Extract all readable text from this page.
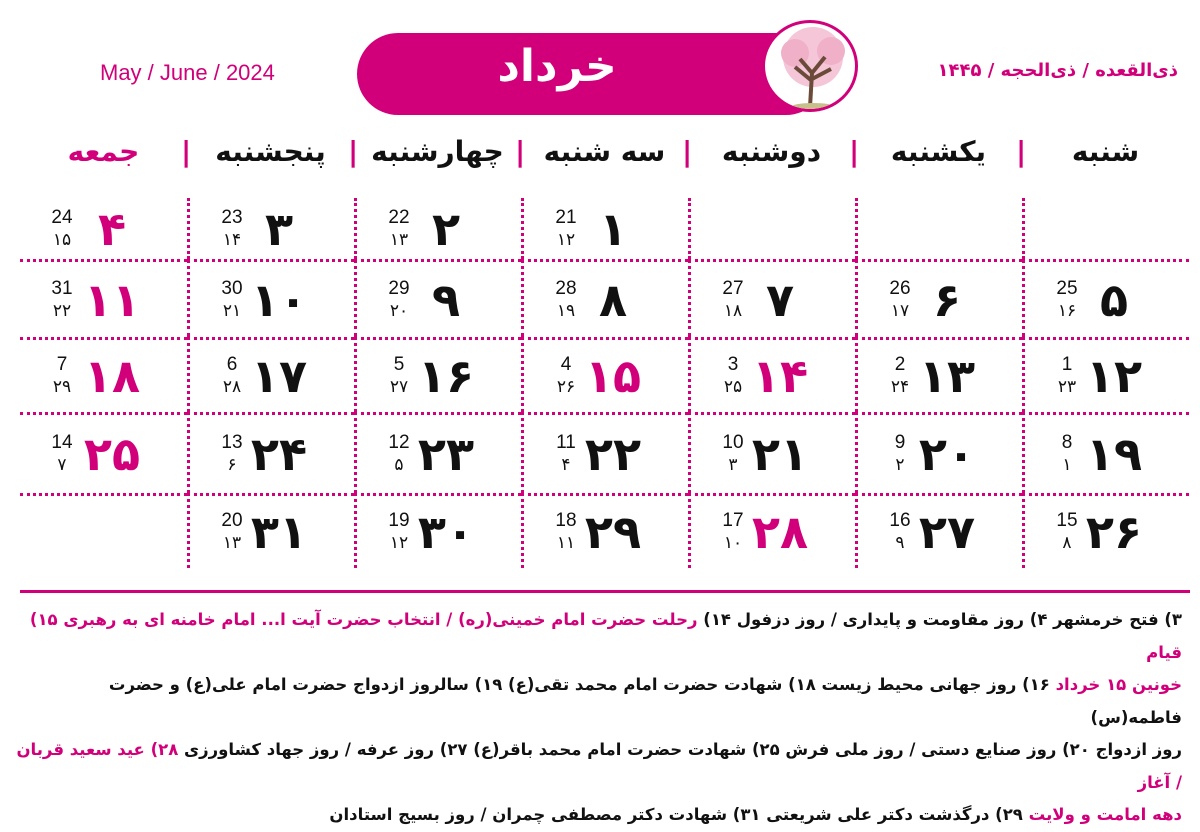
May / June / 2024	ذی‌القعده / ذی‌الحجه / ۱۴۴۵
خرداد
شنبه
|
یکشنبه
|
دوشنبه
|
سه شنبه
|
چهارشنبه
|
پنجشنبه
|
جمعه
۱
21
۱۲
۲
22
۱۳
۳
23
۱۴
۴
24
۱۵
۵
25
۱۶
۶
26
۱۷
۷
27
۱۸
۸
28
۱۹
۹
29
۲۰
۱۰
30
۲۱
۱۱
31
۲۲
۱۲
1
۲۳
۱۳
2
۲۴
۱۴
3
۲۵
۱۵
4
۲۶
۱۶
5
۲۷
۱۷
6
۲۸
۱۸
7
۲۹
۱۹
8
۱
۲۰
9
۲
۲۱
10
۳
۲۲
11
۴
۲۳
12
۵
۲۴
13
۶
۲۵
14
۷
۲۶
15
۸
۲۷
16
۹
۲۸
17
۱۰
۲۹
18
۱۱
۳۰
19
۱۲
۳۱
20
۱۳
۳) فتح خرمشهر ۴) روز مقاومت و پایداری / روز دزفول ۱۴) رحلت حضرت امام خمینی(ره) / انتخاب حضرت آیت ا... امام خامنه ای به رهبری ۱۵) قیام
خونین ۱۵ خرداد ۱۶) روز جهانی محیط زیست ۱۸) شهادت حضرت امام محمد تقی(ع) ۱۹) سالروز ازدواج حضرت امام علی(ع) و حضرت فاطمه(س)
روز ازدواج ۲۰) روز صنایع دستی / روز ملی فرش ۲۵) شهادت حضرت امام محمد باقر(ع) ۲۷) روز عرفه / روز جهاد کشاورزی ۲۸) عید سعید قربان / آغاز
دهه امامت و ولایت ۲۹) درگذشت دکتر علی شریعتی ۳۱) شهادت دکتر مصطفی چمران / روز بسیج استادان
